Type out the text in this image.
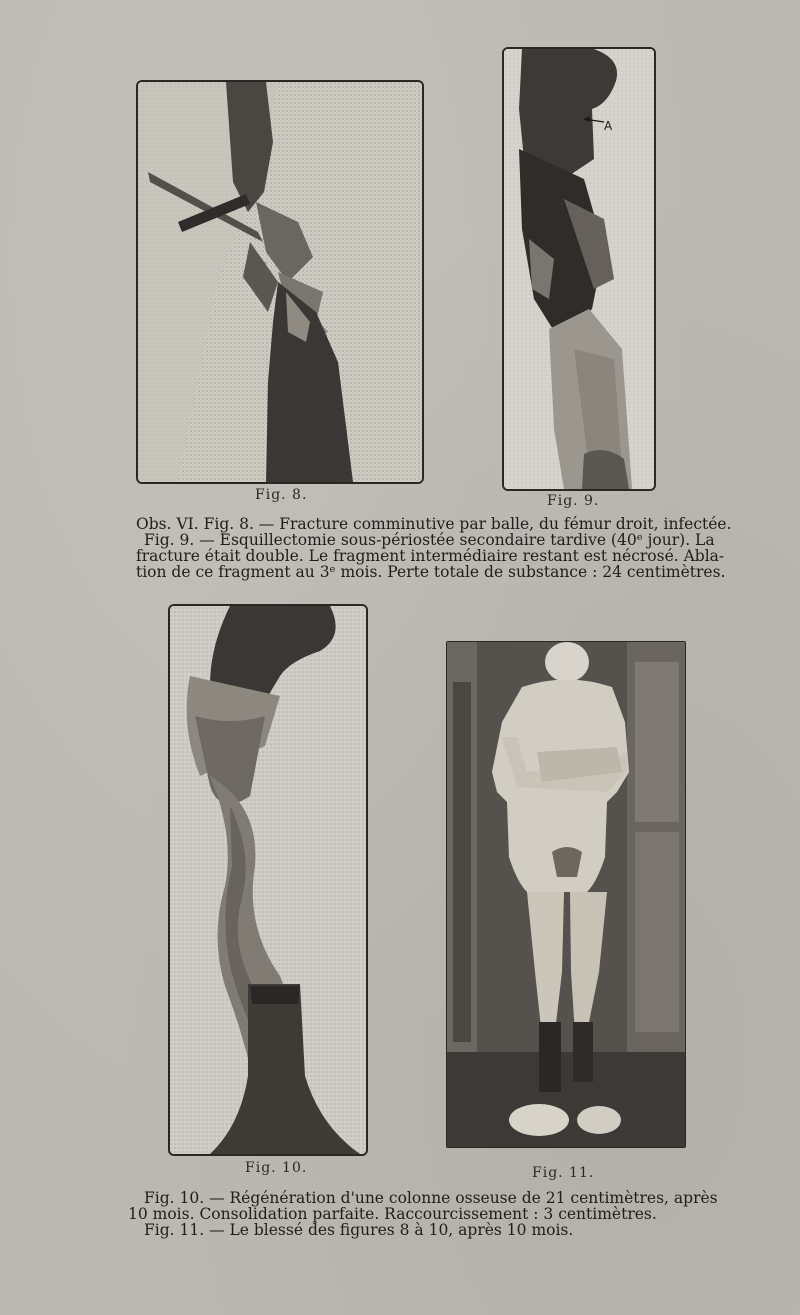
Fig. 8.
A
Fig. 9.
Obs. VI. Fig. 8. — Fracture comminutive par balle, du fémur droit, infectée.
Fig. 9. — Esquillectomie sous-périostée secondaire tardive (40ᵉ jour). La
fracture était double. Le fragment intermédiaire restant est nécrosé. Abla-
tion de ce fragment au 3ᵉ mois. Perte totale de substance : 24 centimètres.
Fig. 10.	Fig. 11.
Fig. 10. — Régénération d'une colonne osseuse de 21 centimètres, après
10 mois. Consolidation parfaite. Raccourcissement : 3 centimètres.
Fig. 11. — Le blessé des figures 8 à 10, après 10 mois.
